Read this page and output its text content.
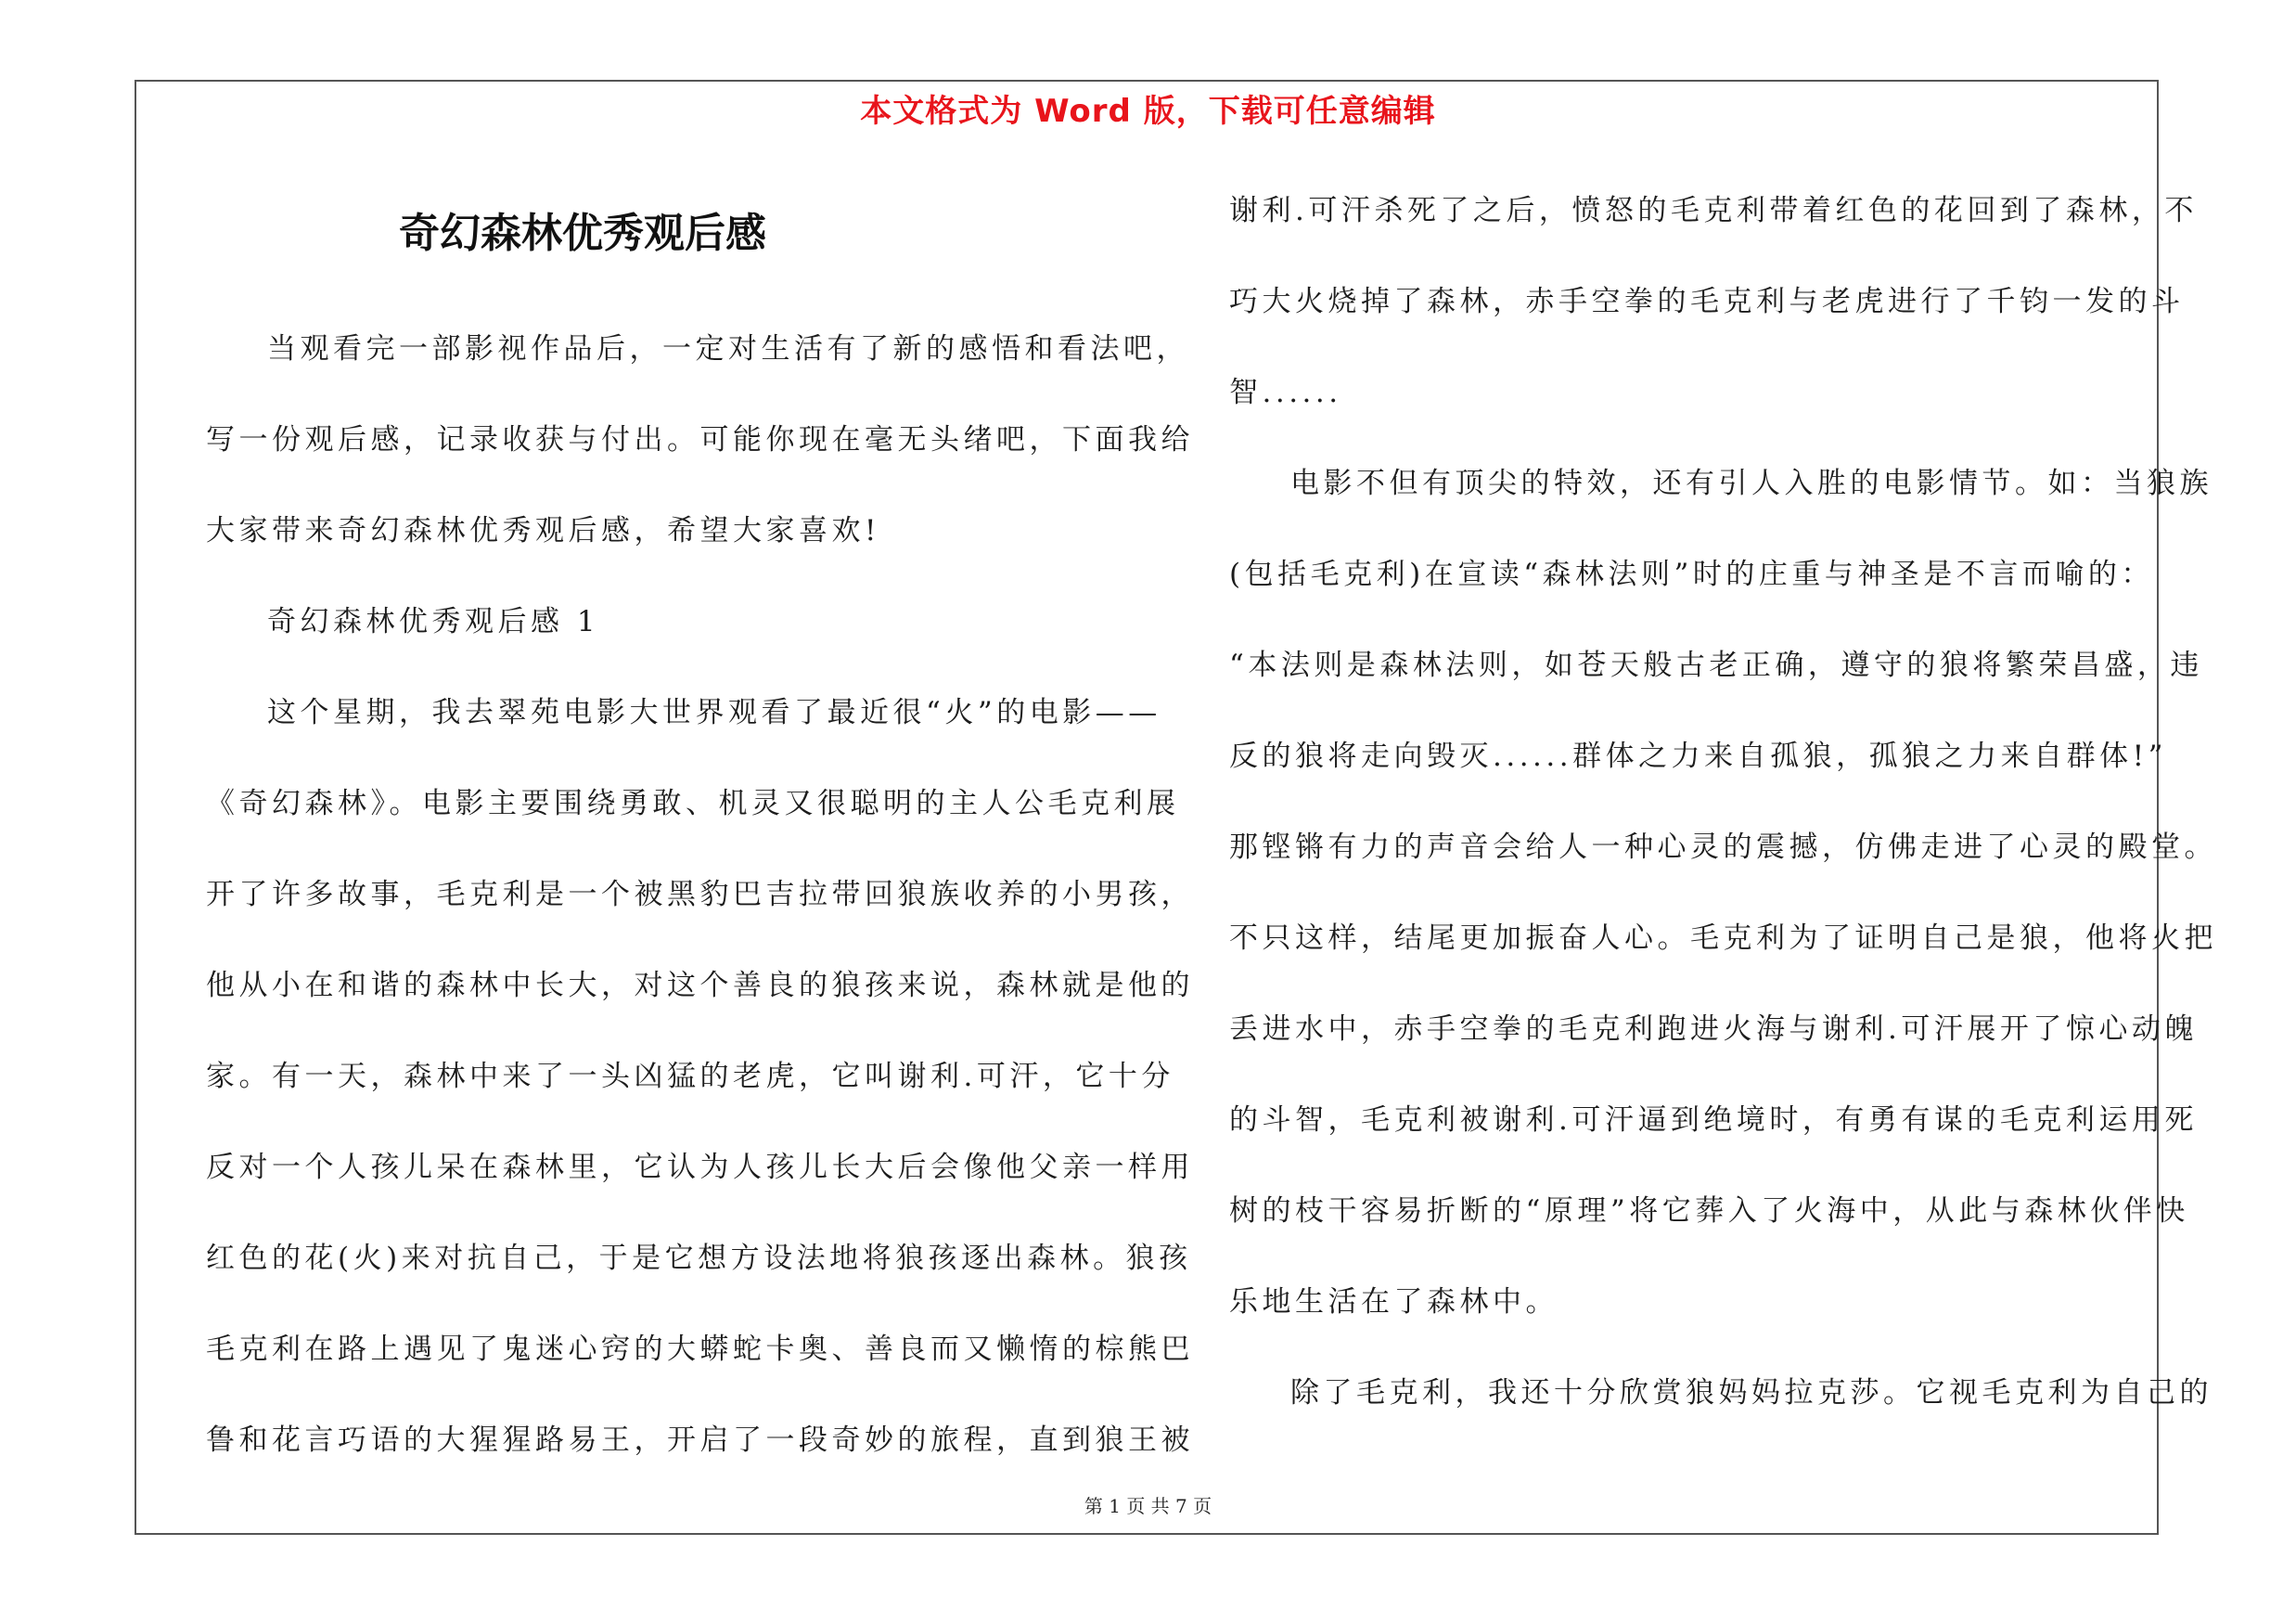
本文格式为 Word 版，下载可任意编辑
奇幻森林优秀观后感
当观看完一部影视作品后，一定对生活有了新的感悟和看法吧，
写一份观后感，记录收获与付出。可能你现在毫无头绪吧，下面我给
大家带来奇幻森林优秀观后感，希望大家喜欢!
奇幻森林优秀观后感 1
这个星期，我去翠苑电影大世界观看了最近很“火”的电影——
《奇幻森林》。电影主要围绕勇敢、机灵又很聪明的主人公毛克利展
开了许多故事，毛克利是一个被黑豹巴吉拉带回狼族收养的小男孩，
他从小在和谐的森林中长大，对这个善良的狼孩来说，森林就是他的
家。有一天，森林中来了一头凶猛的老虎，它叫谢利.可汗，它十分
反对一个人孩儿呆在森林里，它认为人孩儿长大后会像他父亲一样用
红色的花(火)来对抗自己，于是它想方设法地将狼孩逐出森林。狼孩
毛克利在路上遇见了鬼迷心窍的大蟒蛇卡奥、善良而又懒惰的棕熊巴
鲁和花言巧语的大猩猩路易王，开启了一段奇妙的旅程，直到狼王被
谢利.可汗杀死了之后，愤怒的毛克利带着红色的花回到了森林，不
巧大火烧掉了森林，赤手空拳的毛克利与老虎进行了千钧一发的斗
智......
电影不但有顶尖的特效，还有引人入胜的电影情节。如：当狼族
(包括毛克利)在宣读“森林法则”时的庄重与神圣是不言而喻的：
“本法则是森林法则，如苍天般古老正确，遵守的狼将繁荣昌盛，违
反的狼将走向毁灭......群体之力来自孤狼，孤狼之力来自群体!”
那铿锵有力的声音会给人一种心灵的震撼，仿佛走进了心灵的殿堂。
不只这样，结尾更加振奋人心。毛克利为了证明自己是狼，他将火把
丢进水中，赤手空拳的毛克利跑进火海与谢利.可汗展开了惊心动魄
的斗智，毛克利被谢利.可汗逼到绝境时，有勇有谋的毛克利运用死
树的枝干容易折断的“原理”将它葬入了火海中，从此与森林伙伴快
乐地生活在了森林中。
除了毛克利，我还十分欣赏狼妈妈拉克莎。它视毛克利为自己的
第 1 页 共 7 页
